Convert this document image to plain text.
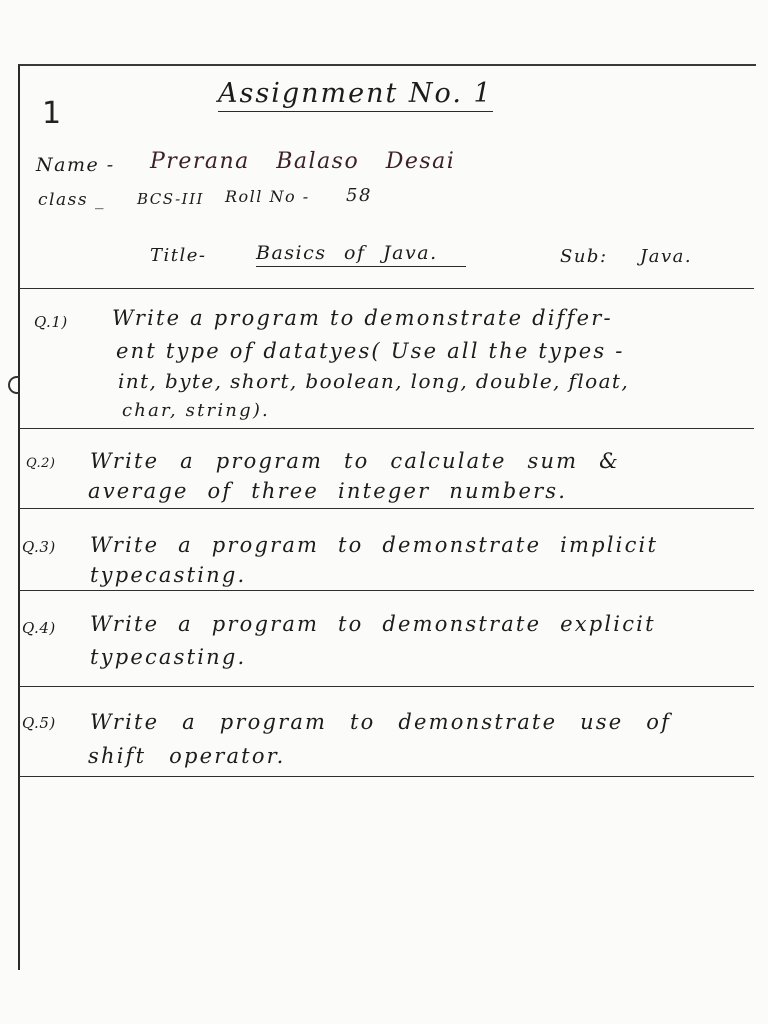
1
Assignment No. 1
Name - Prerana Balaso Desai
class _ BCS-III Roll No - 58
Title-	Basics of Java.	Sub: Java.
Q.1) Write a program to demonstrate differ-
ent type of datatyes( Use all the types -
int, byte, short, boolean, long, double, float,
char, string).
Q.2) Write a program to calculate sum &
average of three integer numbers.
Q.3) Write a program to demonstrate implicit
typecasting.
Q.4) Write a program to demonstrate explicit
typecasting.
Q.5) Write a program to demonstrate use of
shift operator.
